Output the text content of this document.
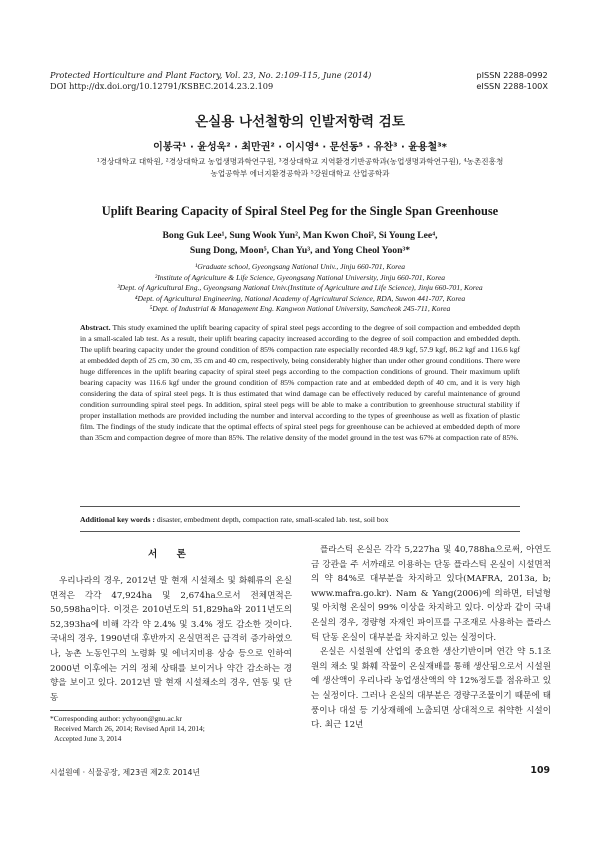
Protected Horticulture and Plant Factory, Vol. 23, No. 2:109-115, June (2014)
DOI http://dx.doi.org/10.12791/KSBEC.2014.23.2.109
pISSN 2288-0992
eISSN 2288-100X
온실용 나선철항의 인발저항력 검토
이봉국¹ · 윤성욱² · 최만권² · 이시영⁴ · 문선동⁵ · 유찬³ · 윤용철³*
¹경상대학교 대학원, ²경상대학교 농업생명과학연구원, ³경상대학교 지역환경기반공학과(농업생명과학연구원), ⁴농촌진흥청
농업공학부 에너지환경공학과 ⁵강원대학교 산업공학과
Uplift Bearing Capacity of Spiral Steel Peg for the Single Span Greenhouse
Bong Guk Lee¹, Sung Wook Yun², Man Kwon Choi², Si Young Lee⁴,
Sung Dong, Moon⁵, Chan Yu³, and Yong Cheol Yoon³*
¹Graduate school, Gyeongsang National Univ., Jinju 660-701, Korea
²Institute of Agriculture & Life Science, Gyeongsang National University, Jinju 660-701, Korea
³Dept. of Agricultural Eng., Gyeongsang National Univ.(Institute of Agriculture and Life Science), Jinju 660-701, Korea
⁴Dept. of Agricultural Engineering, National Academy of Agricultural Science, RDA, Suwon 441-707, Korea
⁵Dept. of Industrial & Management Eng. Kangwon National University, Samcheok 245-711, Korea
Abstract. This study examined the uplift bearing capacity of spiral steel pegs according to the degree of soil compaction and embedded depth in a small-scaled lab test. As a result, their uplift bearing capacity increased according to the degree of soil compaction and embedded depth. The uplift bearing capacity under the ground condition of 85% compaction rate especially recorded 48.9 kgf, 57.9 kgf, 86.2 kgf and 116.6 kgf at embedded depth of 25 cm, 30 cm, 35 cm and 40 cm, respectively, being considerably higher than under other ground conditions. There were huge differences in the uplift bearing capacity of spiral steel pegs according to the compaction conditions of ground. Their maximum uplift bearing capacity was 116.6 kgf under the ground condition of 85% compaction rate and at embedded depth of 40 cm, and it is very high considering the data of spiral steel pegs. It is thus estimated that wind damage can be effectively reduced by careful maintenance of ground condition surrounding spiral steel pegs. In addition, spiral steel pegs will be able to make a contribution to greenhouse structural stability if proper installation methods are provided including the number and interval according to the types of greenhouse as well as fixation of plastic film. The findings of the study indicate that the optimal effects of spiral steel pegs for greenhouse can be achieved at embedded depth of more than 35cm and compaction degree of more than 85%. The relative density of the model ground in the test was 67% at compaction rate of 85%.
Additional key words : disaster, embedment depth, compaction rate, small-scaled lab. test, soil box
서 론

우리나라의 경우, 2012년 말 현재 시설채소 및 화훼류의 온실면적은 각각 47,924ha 및 2,674ha으로서 전체면적은 50,598ha이다. 이것은 2010년도의 51,829ha와 2011년도의 52,393ha에 비해 각각 약 2.4% 및 3.4% 정도 감소한 것이다. 국내의 경우, 1990년대 후반까지 온실면적은 급격히 증가하였으나, 농촌 노동인구의 노령화 및 에너지비용 상승 등으로 인하여 2000년 이후에는 거의 정체 상태를 보이거나 약간 감소하는 경향을 보이고 있다. 2012년 말 현재 시설채소의 경우, 연동 및 단동

플라스틱 온실은 각각 5,227ha 및 40,788ha으로써, 아연도금 강관을 주 서까래로 이용하는 단동 플라스틱 온실이 시설면적의 약 84%로 대부분을 차지하고 있다(MAFRA, 2013a, b; www.mafra.go.kr). Nam & Yang(2006)에 의하면, 터널형 및 아치형 온실이 99% 이상을 차지하고 있다. 이상과 같이 국내 온실의 경우, 경량형 자재인 파이프를 구조재로 사용하는 플라스틱 단동 온실이 대부분을 차지하고 있는 실정이다.

온실은 시설원예 산업의 중요한 생산기반이며 연간 약 5.1조원의 채소 및 화훼 작물이 온실재배를 통해 생산됨으로서 시설원예 생산액이 우리나라 농업생산액의 약 12%정도를 점유하고 있는 실정이다. 그러나 온실의 대부분은 경량구조물이기 때문에 태풍이나 대설 등 기상재해에 노출되면 상대적으로 취약한 시설이다. 최근 12년

*Corresponding author: ychyoon@gnu.ac.kr
Received March 26, 2014; Revised April 14, 2014;
Accepted June 3, 2014
시설원예 · 식물공장, 제23권 제2호 2014년	109
